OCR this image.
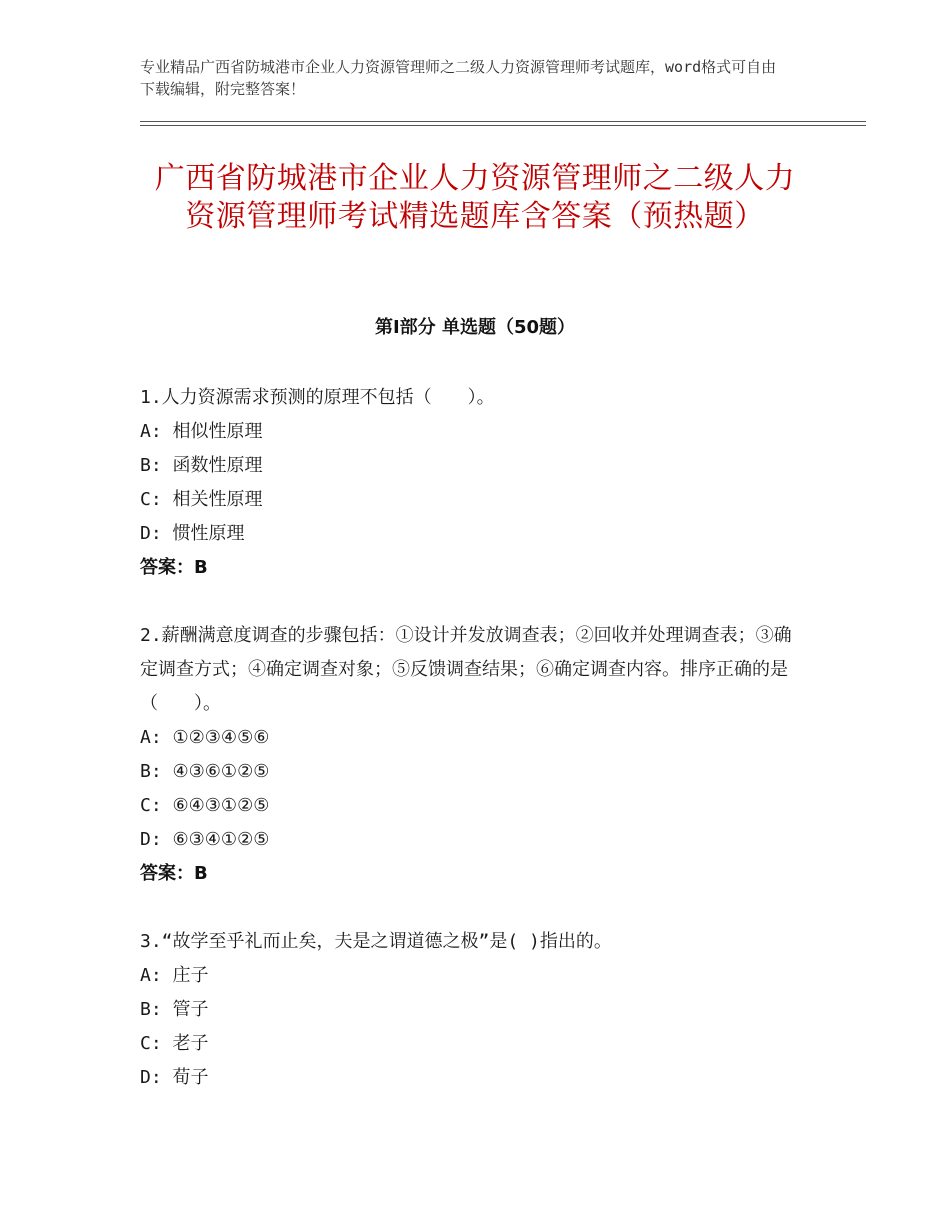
专业精品广西省防城港市企业人力资源管理师之二级人力资源管理师考试题库，word格式可自由下载编辑，附完整答案！
广西省防城港市企业人力资源管理师之二级人力资源管理师考试精选题库含答案（预热题）
第Ⅰ部分 单选题（50题）

1.人力资源需求预测的原理不包括（　　）。

A: 相似性原理

B: 函数性原理

C: 相关性原理

D: 惯性原理

答案：B

2.薪酬满意度调查的步骤包括：①设计并发放调查表；②回收并处理调查表；③确定调查方式；④确定调查对象；⑤反馈调查结果；⑥确定调查内容。排序正确的是（　　）。

A: ①②③④⑤⑥

B: ④③⑥①②⑤

C: ⑥④③①②⑤

D: ⑥③④①②⑤

答案：B

3.“故学至乎礼而止矣，夫是之谓道德之极”是( )指出的。

A: 庄子

B: 管子

C: 老子

D: 荀子
